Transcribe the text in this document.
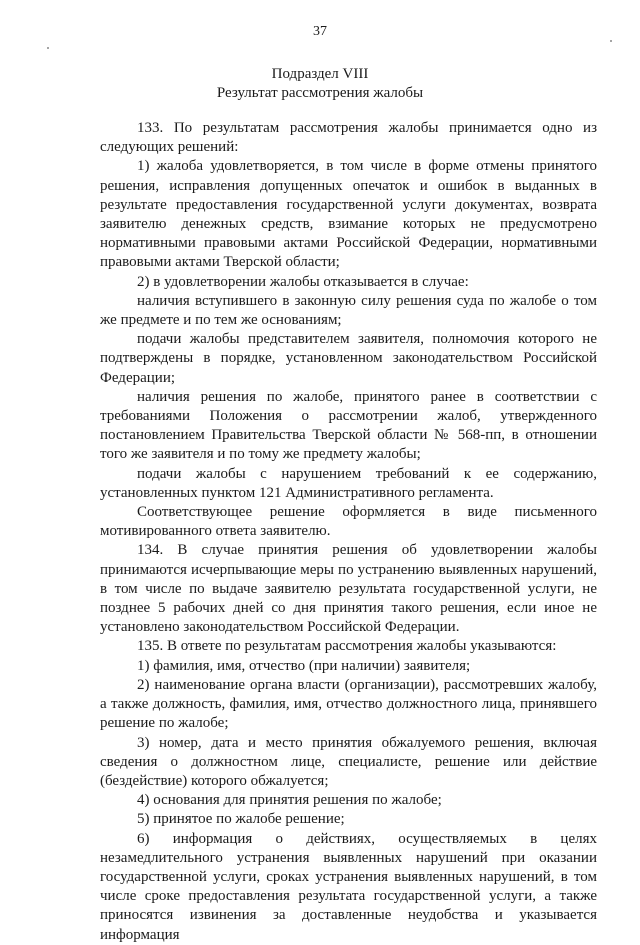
37
Подраздел VIII
Результат рассмотрения жалобы

133. По результатам рассмотрения жалобы принимается одно из следующих решений:

1) жалоба удовлетворяется, в том числе в форме отмены принятого решения, исправления допущенных опечаток и ошибок в выданных в результате предоставления государственной услуги документах, возврата заявителю денежных средств, взимание которых не предусмотрено нормативными правовыми актами Российской Федерации, нормативными правовыми актами Тверской области;

2) в удовлетворении жалобы отказывается в случае:

наличия вступившего в законную силу решения суда по жалобе о том же предмете и по тем же основаниям;

подачи жалобы представителем заявителя, полномочия которого не подтверждены в порядке, установленном законодательством Российской Федерации;

наличия решения по жалобе, принятого ранее в соответствии с требованиями Положения о рассмотрении жалоб, утвержденного постановлением Правительства Тверской области № 568-пп, в отношении того же заявителя и по тому же предмету жалобы;

подачи жалобы с нарушением требований к ее содержанию, установленных пунктом 121 Административного регламента.

Соответствующее решение оформляется в виде письменного мотивированного ответа заявителю.

134. В случае принятия решения об удовлетворении жалобы принимаются исчерпывающие меры по устранению выявленных нарушений, в том числе по выдаче заявителю результата государственной услуги, не позднее 5 рабочих дней со дня принятия такого решения, если иное не установлено законодательством Российской Федерации.

135. В ответе по результатам рассмотрения жалобы указываются:

1) фамилия, имя, отчество (при наличии) заявителя;

2) наименование органа власти (организации), рассмотревших жалобу, а также должность, фамилия, имя, отчество должностного лица, принявшего решение по жалобе;

3) номер, дата и место принятия обжалуемого решения, включая сведения о должностном лице, специалисте, решение или действие (бездействие) которого обжалуется;

4) основания для принятия решения по жалобе;

5) принятое по жалобе решение;

6) информация о действиях, осуществляемых в целях незамедлительного устранения выявленных нарушений при оказании государственной услуги, сроках устранения выявленных нарушений, в том числе сроке предоставления результата государственной услуги, а также приносятся извинения за доставленные неудобства и указывается информация
